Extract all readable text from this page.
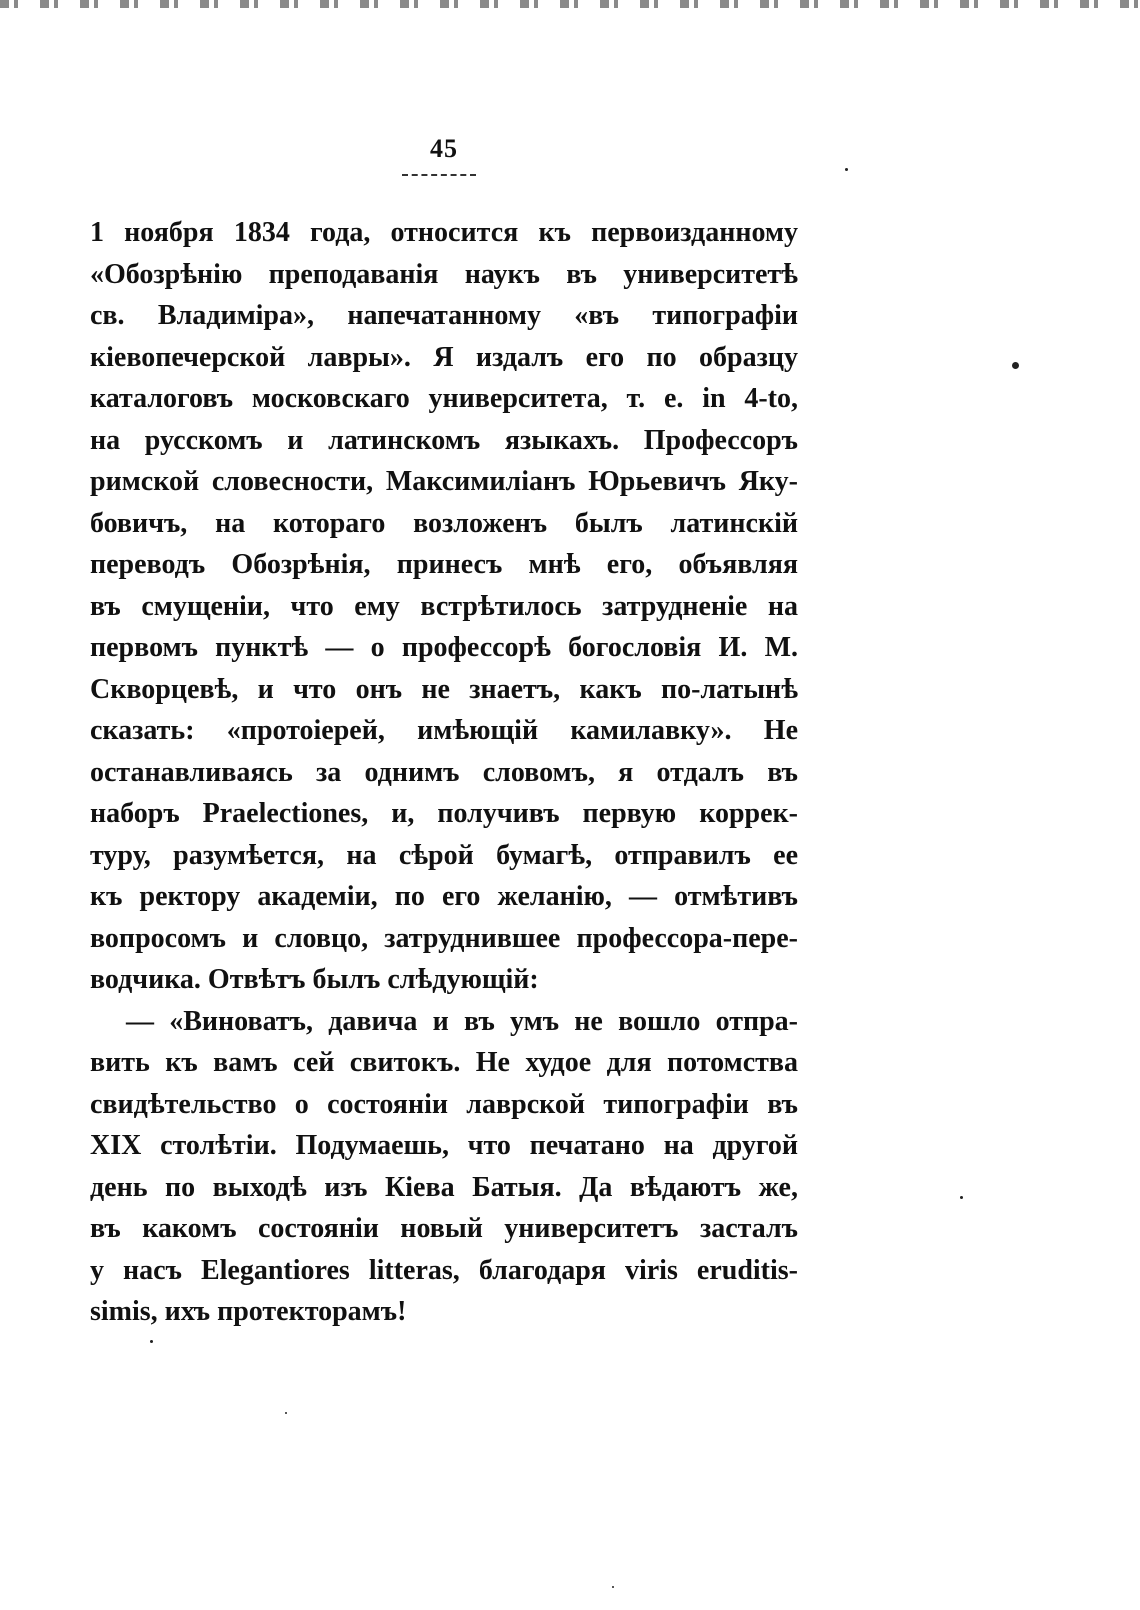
45
1 ноября 1834 года, относится къ первоизданному
«Обозрѣнію преподаванія наукъ въ университетѣ
св. Владиміра», напечатанному «въ типографіи
кіевопечерской лавры». Я издалъ его по образцу
каталоговъ московскаго университета, т. е. in 4-to,
на русскомъ и латинскомъ языкахъ. Профессоръ
римской словесности, Максимиліанъ Юрьевичъ Яку-
бовичъ, на котораго возложенъ былъ латинскій
переводъ Обозрѣнія, принесъ мнѣ его, объявляя
въ смущеніи, что ему встрѣтилось затрудненіе на
первомъ пунктѣ — о профессорѣ богословія И. М.
Скворцевѣ, и что онъ не знаетъ, какъ по-латынѣ
сказать: «протоіерей, имѣющій камилавку». Не
останавливаясь за однимъ словомъ, я отдалъ въ
наборъ Praelectiones, и, получивъ первую коррек-
туру, разумѣется, на сѣрой бумагѣ, отправилъ ее
къ ректору академіи, по его желанію, — отмѣтивъ
вопросомъ и словцо, затруднившее профессора-пере-
водчика. Отвѣтъ былъ слѣдующій:
— «Виноватъ, давича и въ умъ не вошло отпра-
вить къ вамъ сей свитокъ. Не худое для потомства
свидѣтельство о состояніи лаврской типографіи въ
XIX столѣтіи. Подумаешь, что печатано на другой
день по выходѣ изъ Кіева Батыя. Да вѣдаютъ же,
въ какомъ состояніи новый университетъ засталъ
у насъ Elegantiores litteras, благодаря viris eruditis-
simis, ихъ протекторамъ!
